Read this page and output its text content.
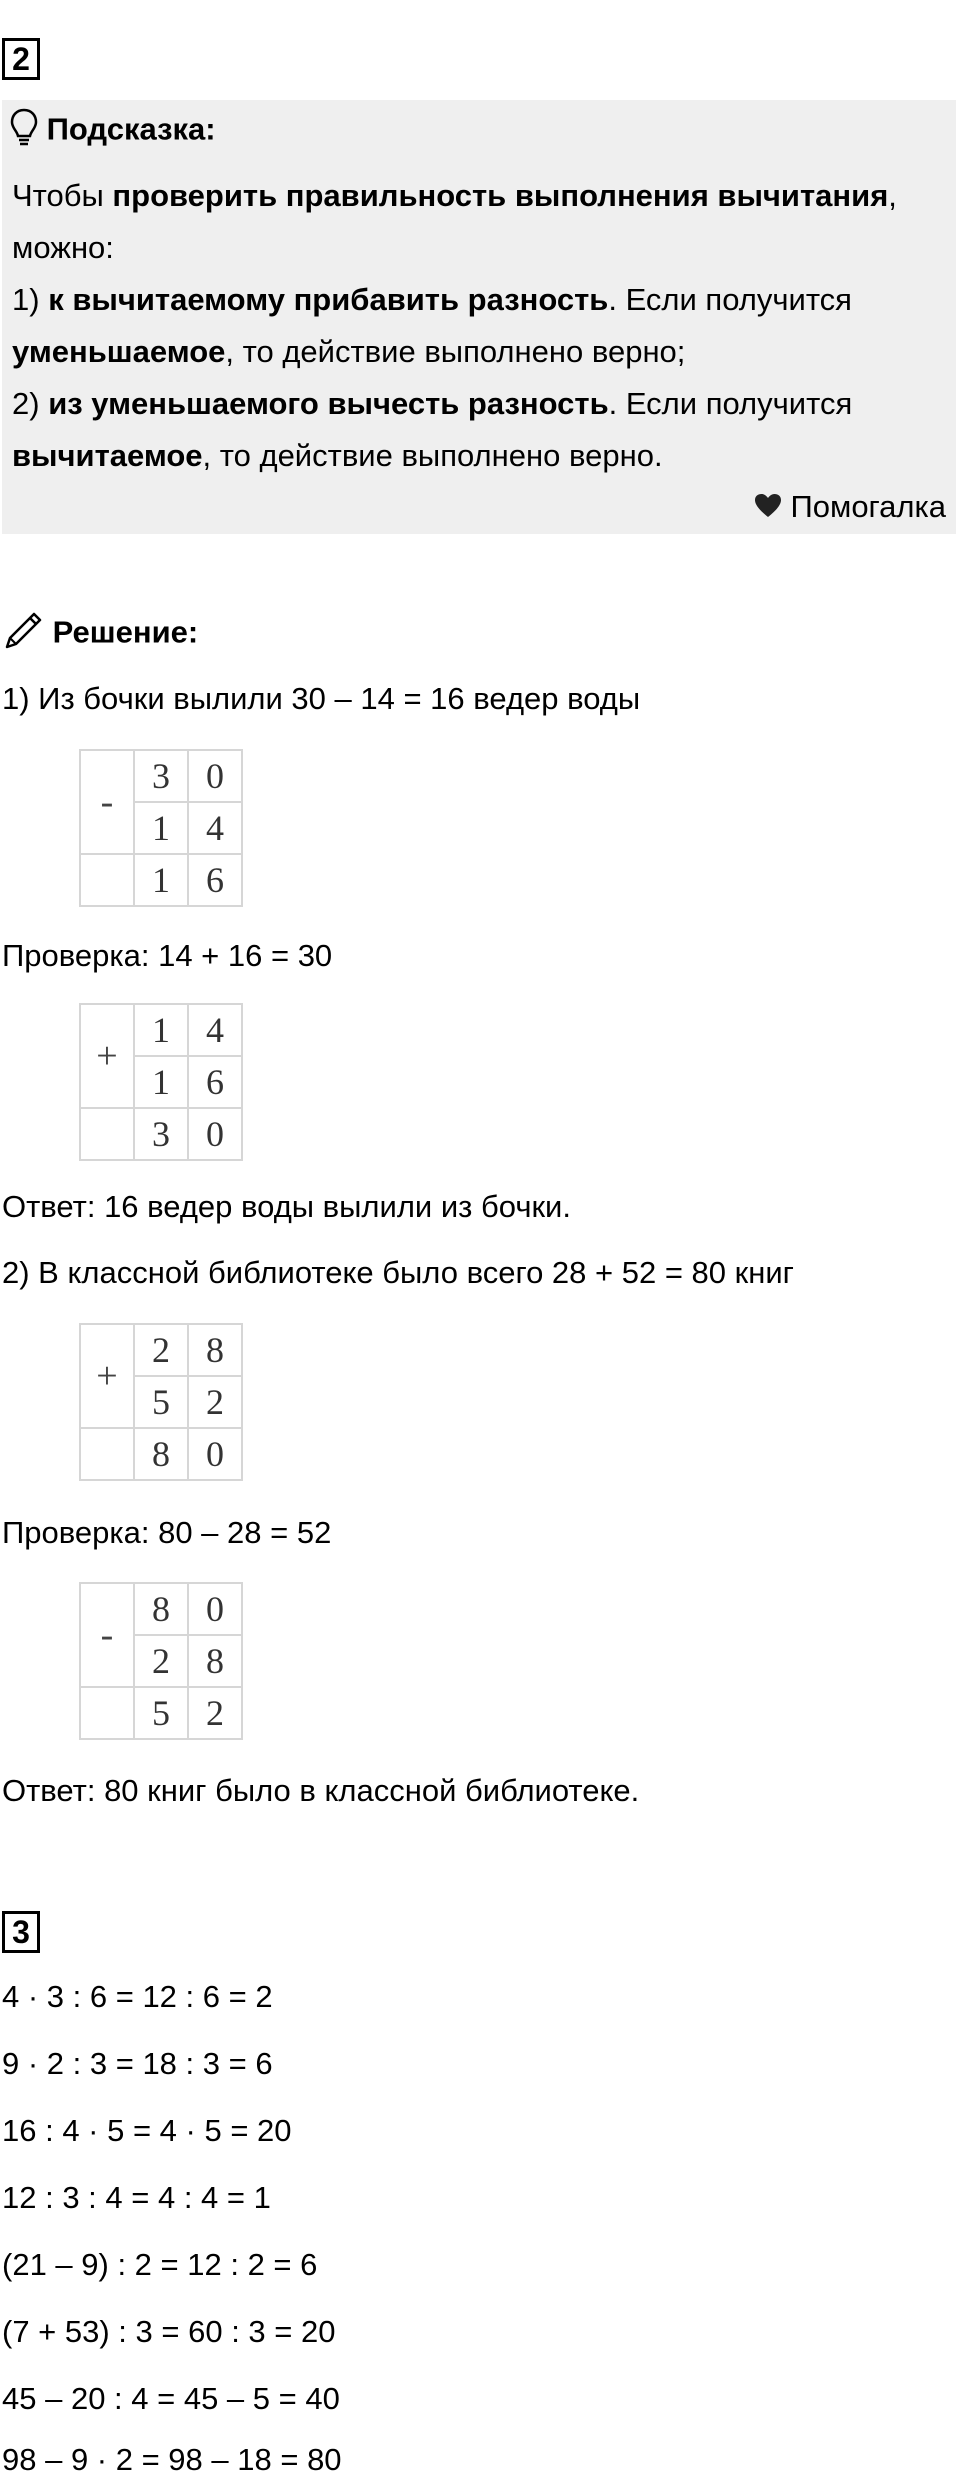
2
Подсказка:
Чтобы проверить правильность выполнения вычитания,
можно:
1) к вычитаемому прибавить разность. Если получится
уменьшаемое, то действие выполнено верно;
2) из уменьшаемого вычесть разность. Если получится
вычитаемое, то действие выполнено верно.
Помогалка
Решение:
1) Из бочки вылили 30 – 14 = 16 ведер воды
-	3	0
	1	4
	1	6
Проверка: 14 + 16 = 30
+	1	4
	1	6
	3	0
Ответ: 16 ведер воды вылили из бочки.
2) В классной библиотеке было всего 28 + 52 = 80 книг
+	2	8
	5	2
	8	0
Проверка: 80 – 28 = 52
-	8	0
	2	8
	5	2
Ответ: 80 книг было в классной библиотеке.
3
4 · 3 : 6 = 12 : 6 = 2
9 · 2 : 3 = 18 : 3 = 6
16 : 4 · 5 = 4 · 5 = 20
12 : 3 : 4 = 4 : 4 = 1
(21 – 9) : 2 = 12 : 2 = 6
(7 + 53) : 3 = 60 : 3 = 20
45 – 20 : 4 = 45 – 5 = 40
98 – 9 · 2 = 98 – 18 = 80
